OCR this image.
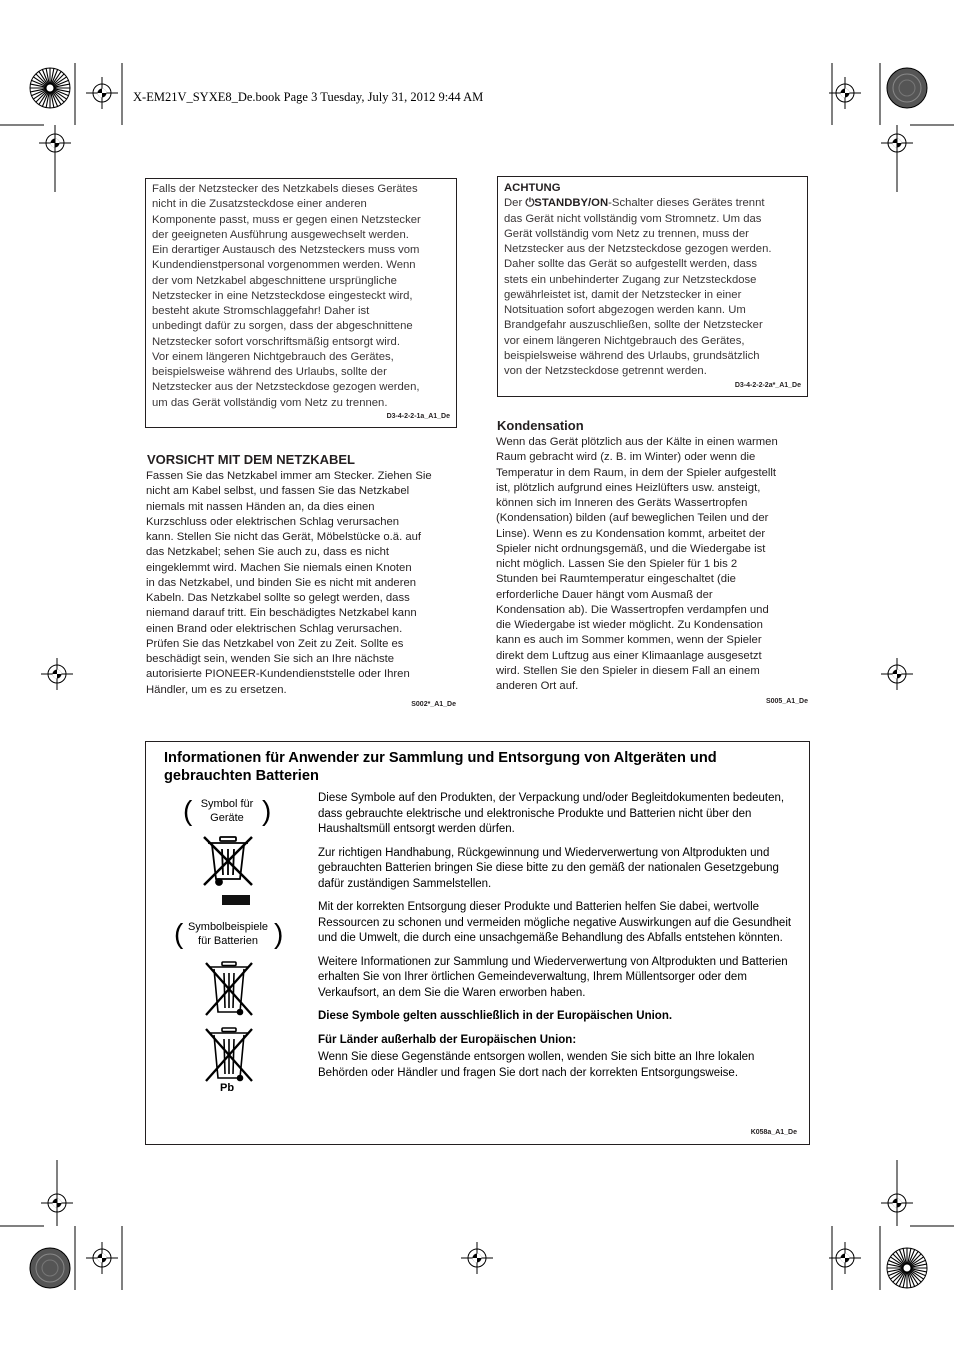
X-EM21V_SYXE8_De.book Page 3 Tuesday, July 31, 2012 9:44 AM
Falls der Netzstecker des Netzkabels dieses Gerätes
nicht in die Zusatzsteckdose einer anderen
Komponente passt, muss er gegen einen Netzstecker
der geeigneten Ausführung ausgewechselt werden.
Ein derartiger Austausch des Netzsteckers muss vom
Kundendienstpersonal vorgenommen werden. Wenn
der vom Netzkabel abgeschnittene ursprüngliche
Netzstecker in eine Netzsteckdose eingesteckt wird,
besteht akute Stromschlaggefahr! Daher ist
unbedingt dafür zu sorgen, dass der abgeschnittene
Netzstecker sofort vorschriftsmäßig entsorgt wird.
Vor einem längeren Nichtgebrauch des Gerätes,
beispielsweise während des Urlaubs, sollte der
Netzstecker aus der Netzsteckdose gezogen werden,
um das Gerät vollständig vom Netz zu trennen.
D3-4-2-2-1a_A1_De
ACHTUNG
Der ⏻STANDBY/ON-Schalter dieses Gerätes trennt
das Gerät nicht vollständig vom Stromnetz. Um das
Gerät vollständig vom Netz zu trennen, muss der
Netzstecker aus der Netzsteckdose gezogen werden.
Daher sollte das Gerät so aufgestellt werden, dass
stets ein unbehinderter Zugang zur Netzsteckdose
gewährleistet ist, damit der Netzstecker in einer
Notsituation sofort abgezogen werden kann. Um
Brandgefahr auszuschließen, sollte der Netzstecker
vor einem längeren Nichtgebrauch des Gerätes,
beispielsweise während des Urlaubs, grundsätzlich
von der Netzsteckdose getrennt werden.
D3-4-2-2-2a*_A1_De
VORSICHT MIT DEM NETZKABEL
Fassen Sie das Netzkabel immer am Stecker. Ziehen Sie
nicht am Kabel selbst, und fassen Sie das Netzkabel
niemals mit nassen Händen an, da dies einen
Kurzschluss oder elektrischen Schlag verursachen
kann. Stellen Sie nicht das Gerät, Möbelstücke o.ä. auf
das Netzkabel; sehen Sie auch zu, dass es nicht
eingeklemmt wird. Machen Sie niemals einen Knoten
in das Netzkabel, und binden Sie es nicht mit anderen
Kabeln. Das Netzkabel sollte so gelegt werden, dass
niemand darauf tritt. Ein beschädigtes Netzkabel kann
einen Brand oder elektrischen Schlag verursachen.
Prüfen Sie das Netzkabel von Zeit zu Zeit. Sollte es
beschädigt sein, wenden Sie sich an Ihre nächste
autorisierte PIONEER-Kundendienststelle oder Ihren
Händler, um es zu ersetzen.
S002*_A1_De
Kondensation
Wenn das Gerät plötzlich aus der Kälte in einen warmen
Raum gebracht wird (z. B. im Winter) oder wenn die
Temperatur in dem Raum, in dem der Spieler aufgestellt
ist, plötzlich aufgrund eines Heizlüfters usw. ansteigt,
können sich im Inneren des Geräts Wassertropfen
(Kondensation) bilden (auf beweglichen Teilen und der
Linse). Wenn es zu Kondensation kommt, arbeitet der
Spieler nicht ordnungsgemäß, und die Wiedergabe ist
nicht möglich. Lassen Sie den Spieler für 1 bis 2
Stunden bei Raumtemperatur eingeschaltet (die
erforderliche Dauer hängt vom Ausmaß der
Kondensation ab). Die Wassertropfen verdampfen und
die Wiedergabe ist wieder möglicht. Zu Kondensation
kann es auch im Sommer kommen, wenn der Spieler
direkt dem Luftzug aus einer Klimaanlage ausgesetzt
wird. Stellen Sie den Spieler in diesem Fall an einem
anderen Ort auf.
S005_A1_De
Informationen für Anwender zur Sammlung und Entsorgung von Altgeräten und
gebrauchten Batterien
( Symbol für
Geräte )
( Symbolbeispiele
für Batterien )
Pb

Diese Symbole auf den Produkten, der Verpackung und/oder Begleitdokumenten bedeuten, dass gebrauchte elektrische und elektronische Produkte und Batterien nicht über den Haushaltsmüll entsorgt werden dürfen.

Zur richtigen Handhabung, Rückgewinnung und Wiederverwertung von Altprodukten und gebrauchten Batterien bringen Sie diese bitte zu den gemäß der nationalen Gesetzgebung dafür zuständigen Sammelstellen.

Mit der korrekten Entsorgung dieser Produkte und Batterien helfen Sie dabei, wertvolle Ressourcen zu schonen und vermeiden mögliche negative Auswirkungen auf die Gesundheit und die Umwelt, die durch eine unsachgemäße Behandlung des Abfalls entstehen könnten.

Weitere Informationen zur Sammlung und Wiederverwertung von Altprodukten und Batterien erhalten Sie von Ihrer örtlichen Gemeindeverwaltung, Ihrem Müllentsorger oder dem Verkaufsort, an dem Sie die Waren erworben haben.

Diese Symbole gelten ausschließlich in der Europäischen Union.

Für Länder außerhalb der Europäischen Union:

Wenn Sie diese Gegenstände entsorgen wollen, wenden Sie sich bitte an Ihre lokalen Behörden oder Händler und fragen Sie dort nach der korrekten Entsorgungsweise.

K058a_A1_De
